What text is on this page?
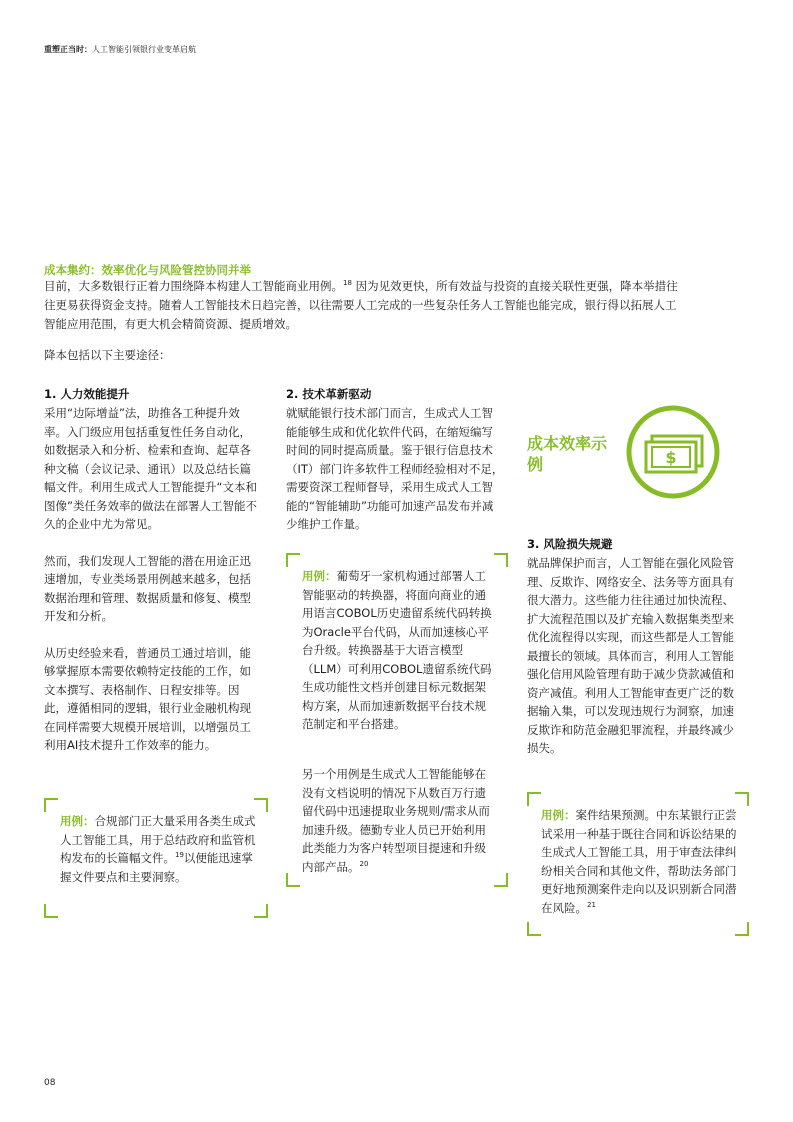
重塑正当时：人工智能引领银行业变革启航
成本集约：效率优化与风险管控协同并举
目前，大多数银行正着力围绕降本构建人工智能商业用例。$^{18}$ 因为见效更快，所有效益与投资的直接关联性更强，降本举措往
往更易获得资金支持。随着人工智能技术日趋完善，以往需要人工完成的一些复杂任务人工智能也能完成，银行得以拓展人工
智能应用范围，有更大机会精简资源、提质增效。
降本包括以下主要途径：
1. 人力效能提升
采用“边际增益”法，助推各工种提升效率。入门级应用包括重复性任务自动化，如数据录入和分析、检索和查询、起草各种文稿（会议记录、通讯）以及总结长篇幅文件。利用生成式人工智能提升“文本和图像”类任务效率的做法在部署人工智能不久的企业中尤为常见。
然而，我们发现人工智能的潜在用途正迅速增加，专业类场景用例越来越多，包括数据治理和管理、数据质量和修复、模型开发和分析。
从历史经验来看，普通员工通过培训，能够掌握原本需要依赖特定技能的工作，如文本撰写、表格制作、日程安排等。因此，遵循相同的逻辑，银行业金融机构现在同样需要大规模开展培训，以增强员工利用AI技术提升工作效率的能力。
用例：合规部门正大量采用各类生成式人工智能工具，用于总结政府和监管机构发布的长篇幅文件。$^{19}$以便能迅速掌握文件要点和主要洞察。
2. 技术革新驱动
就赋能银行技术部门而言，生成式人工智能能够生成和优化软件代码，在缩短编写时间的同时提高质量。鉴于银行信息技术（IT）部门许多软件工程师经验相对不足，需要资深工程师督导，采用生成式人工智能的“智能辅助”功能可加速产品发布并减少维护工作量。
用例：葡萄牙一家机构通过部署人工智能驱动的转换器，将面向商业的通用语言COBOL历史遗留系统代码转换为Oracle平台代码，从而加速核心平台升级。转换器基于大语言模型（LLM）可利用COBOL遗留系统代码生成功能性文档并创建目标元数据架构方案，从而加速新数据平台技术规范制定和平台搭建。
另一个用例是生成式人工智能能够在没有文档说明的情况下从数百万行遗留代码中迅速提取业务规则/需求从而加速升级。德勤专业人员已开始利用此类能力为客户转型项目提速和升级内部产品。$^{20}$
成本效率示例	$
3. 风险损失规避
就品牌保护而言，人工智能在强化风险管理、反欺诈、网络安全、法务等方面具有很大潜力。这些能力往往通过加快流程、扩大流程范围以及扩充输入数据集类型来优化流程得以实现，而这些都是人工智能最擅长的领域。具体而言，利用人工智能强化信用风险管理有助于减少贷款减值和资产减值。利用人工智能审查更广泛的数据输入集，可以发现违规行为洞察，加速反欺诈和防范金融犯罪流程，并最终减少损失。
用例：案件结果预测。中东某银行正尝试采用一种基于既往合同和诉讼结果的生成式人工智能工具，用于审查法律纠纷相关合同和其他文件，帮助法务部门更好地预测案件走向以及识别新合同潜在风险。$^{21}$
08
